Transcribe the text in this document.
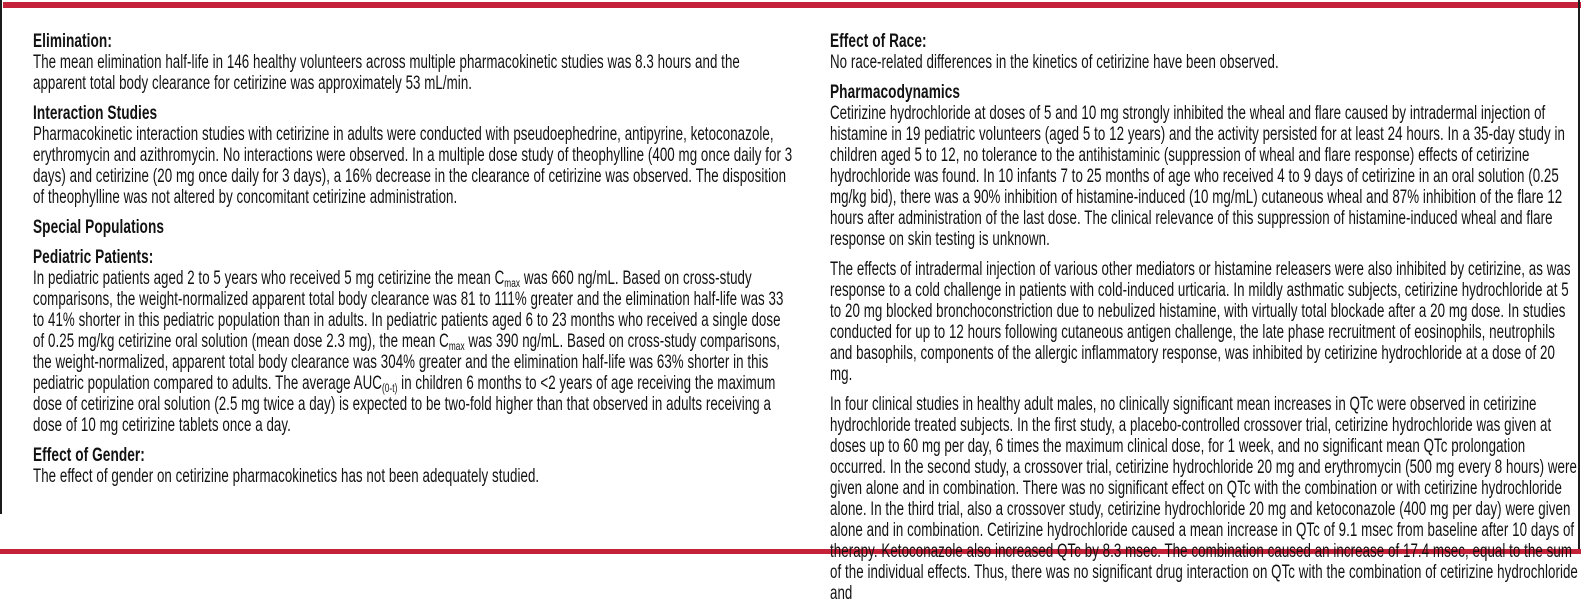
Elimination:

The mean elimination half-life in 146 healthy volunteers across multiple pharmacokinetic studies was 8.3 hours and the apparent total body clearance for cetirizine was approximately 53 mL/min.

Interaction Studies

Pharmacokinetic interaction studies with cetirizine in adults were conducted with pseudoephedrine, antipyrine, ketoconazole, erythromycin and azithromycin. No interactions were observed. In a multiple dose study of theophylline (400 mg once daily for 3 days) and cetirizine (20 mg once daily for 3 days), a 16% decrease in the clearance of cetirizine was observed. The disposition of theophylline was not altered by concomitant cetirizine administration.

Special Populations
Pediatric Patients:

In pediatric patients aged 2 to 5 years who received 5 mg cetirizine the mean $C_{max}$ was 660 ng/mL. Based on cross-study comparisons, the weight-normalized apparent total body clearance was 81 to 111% greater and the elimination half-life was 33 to 41% shorter in this pediatric population than in adults. In pediatric patients aged 6 to 23 months who received a single dose of 0.25 mg/kg cetirizine oral solution (mean dose 2.3 mg), the mean $C_{max}$ was 390 ng/mL. Based on cross-study comparisons, the weight-normalized, apparent total body clearance was 304% greater and the elimination half-life was 63% shorter in this pediatric population compared to adults. The average $AUC_{(0-t)}$ in children 6 months to <2 years of age receiving the maximum dose of cetirizine oral solution (2.5 mg twice a day) is expected to be two-fold higher than that observed in adults receiving a dose of 10 mg cetirizine tablets once a day.

Effect of Gender:

The effect of gender on cetirizine pharmacokinetics has not been adequately studied.

Effect of Race:

No race-related differences in the kinetics of cetirizine have been observed.

Pharmacodynamics

Cetirizine hydrochloride at doses of 5 and 10 mg strongly inhibited the wheal and flare caused by intradermal injection of histamine in 19 pediatric volunteers (aged 5 to 12 years) and the activity persisted for at least 24 hours. In a 35-day study in children aged 5 to 12, no tolerance to the antihistaminic (suppression of wheal and flare response) effects of cetirizine hydrochloride was found. In 10 infants 7 to 25 months of age who received 4 to 9 days of cetirizine in an oral solution (0.25 mg/kg bid), there was a 90% inhibition of histamine-induced (10 mg/mL) cutaneous wheal and 87% inhibition of the flare 12 hours after administration of the last dose. The clinical relevance of this suppression of histamine-induced wheal and flare response on skin testing is unknown.

The effects of intradermal injection of various other mediators or histamine releasers were also inhibited by cetirizine, as was response to a cold challenge in patients with cold-induced urticaria. In mildly asthmatic subjects, cetirizine hydrochloride at 5 to 20 mg blocked bronchoconstriction due to nebulized histamine, with virtually total blockade after a 20 mg dose. In studies conducted for up to 12 hours following cutaneous antigen challenge, the late phase recruitment of eosinophils, neutrophils and basophils, components of the allergic inflammatory response, was inhibited by cetirizine hydrochloride at a dose of 20 mg.

In four clinical studies in healthy adult males, no clinically significant mean increases in QTc were observed in cetirizine hydrochloride treated subjects. In the first study, a placebo-controlled crossover trial, cetirizine hydrochloride was given at doses up to 60 mg per day, 6 times the maximum clinical dose, for 1 week, and no significant mean QTc prolongation occurred. In the second study, a crossover trial, cetirizine hydrochloride 20 mg and erythromycin (500 mg every 8 hours) were given alone and in combination. There was no significant effect on QTc with the combination or with cetirizine hydrochloride alone. In the third trial, also a crossover study, cetirizine hydrochloride 20 mg and ketoconazole (400 mg per day) were given alone and in combination. Cetirizine hydrochloride caused a mean increase in QTc of 9.1 msec from baseline after 10 days of therapy. Ketoconazole also increased QTc by 8.3 msec. The combination caused an increase of 17.4 msec, equal to the sum of the individual effects. Thus, there was no significant drug interaction on QTc with the combination of cetirizine hydrochloride and
